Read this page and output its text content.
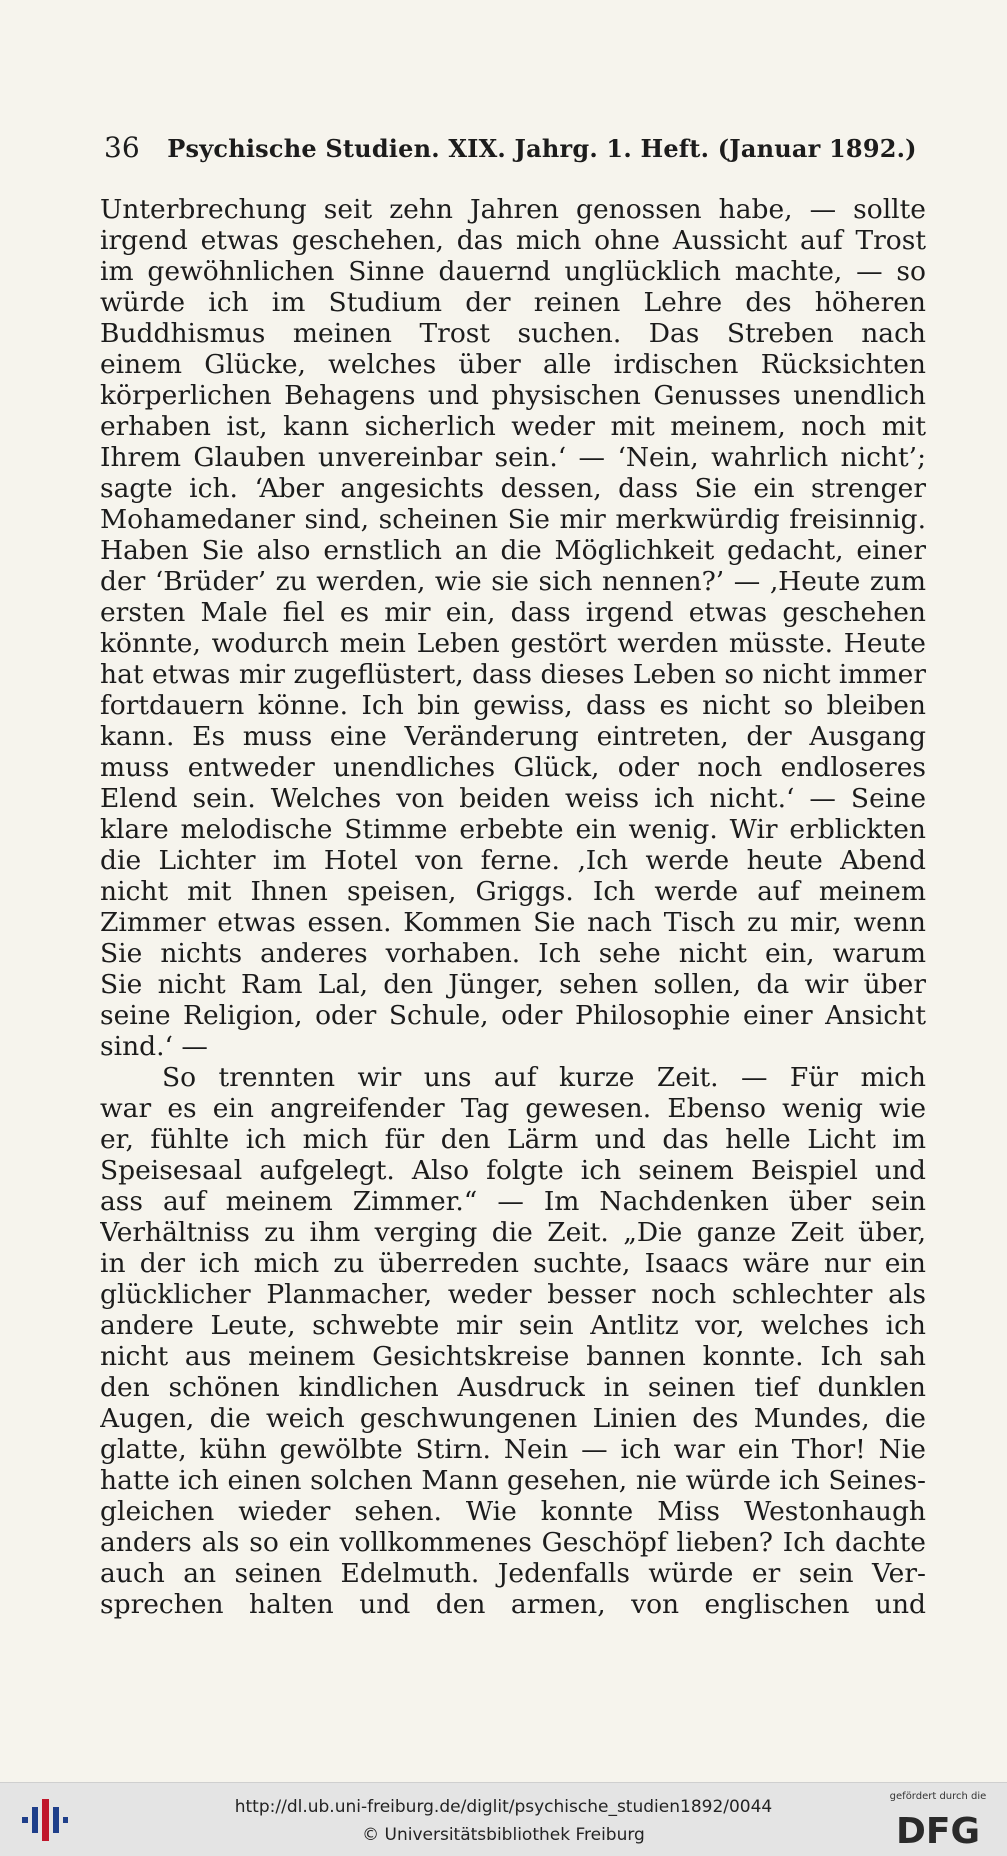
36 Psychische Studien. XIX. Jahrg. 1. Heft. (Januar 1892.)
Unterbrechung seit zehn Jahren genossen habe, — sollte
irgend etwas geschehen, das mich ohne Aussicht auf Trost
im gewöhnlichen Sinne dauernd unglücklich machte, — so
würde ich im Studium der reinen Lehre des höheren
Buddhismus meinen Trost suchen. Das Streben nach
einem Glücke, welches über alle irdischen Rücksichten
körperlichen Behagens und physischen Genusses unendlich
erhaben ist, kann sicherlich weder mit meinem, noch mit
Ihrem Glauben unvereinbar sein.‘ — ‘Nein, wahrlich nicht’;
sagte ich. ‘Aber angesichts dessen, dass Sie ein strenger
Mohamedaner sind, scheinen Sie mir merkwürdig freisinnig.
Haben Sie also ernstlich an die Möglichkeit gedacht, einer
der ‘Brüder’ zu werden, wie sie sich nennen?’ — ‚Heute zum
ersten Male fiel es mir ein, dass irgend etwas geschehen
könnte, wodurch mein Leben gestört werden müsste. Heute
hat etwas mir zugeflüstert, dass dieses Leben so nicht immer
fortdauern könne. Ich bin gewiss, dass es nicht so bleiben
kann. Es muss eine Veränderung eintreten, der Ausgang
muss entweder unendliches Glück, oder noch endloseres
Elend sein. Welches von beiden weiss ich nicht.‘ — Seine
klare melodische Stimme erbebte ein wenig. Wir erblickten
die Lichter im Hotel von ferne. ‚Ich werde heute Abend
nicht mit Ihnen speisen, Griggs. Ich werde auf meinem
Zimmer etwas essen. Kommen Sie nach Tisch zu mir, wenn
Sie nichts anderes vorhaben. Ich sehe nicht ein, warum
Sie nicht Ram Lal, den Jünger, sehen sollen, da wir über
seine Religion, oder Schule, oder Philosophie einer Ansicht
sind.‘ —
So trennten wir uns auf kurze Zeit. — Für mich
war es ein angreifender Tag gewesen. Ebenso wenig wie
er, fühlte ich mich für den Lärm und das helle Licht im
Speisesaal aufgelegt. Also folgte ich seinem Beispiel und
ass auf meinem Zimmer.“ — Im Nachdenken über sein
Verhältniss zu ihm verging die Zeit. „Die ganze Zeit über,
in der ich mich zu überreden suchte, Isaacs wäre nur ein
glücklicher Planmacher, weder besser noch schlechter als
andere Leute, schwebte mir sein Antlitz vor, welches ich
nicht aus meinem Gesichtskreise bannen konnte. Ich sah
den schönen kindlichen Ausdruck in seinen tief dunklen
Augen, die weich geschwungenen Linien des Mundes, die
glatte, kühn gewölbte Stirn. Nein — ich war ein Thor! Nie
hatte ich einen solchen Mann gesehen, nie würde ich Seines-
gleichen wieder sehen. Wie konnte Miss Westonhaugh
anders als so ein vollkommenes Geschöpf lieben? Ich dachte
auch an seinen Edelmuth. Jedenfalls würde er sein Ver-
sprechen halten und den armen, von englischen und
http://dl.ub.uni-freiburg.de/diglit/psychische_studien1892/0044
© Universitätsbibliothek Freiburg
gefördert durch die
DFG
